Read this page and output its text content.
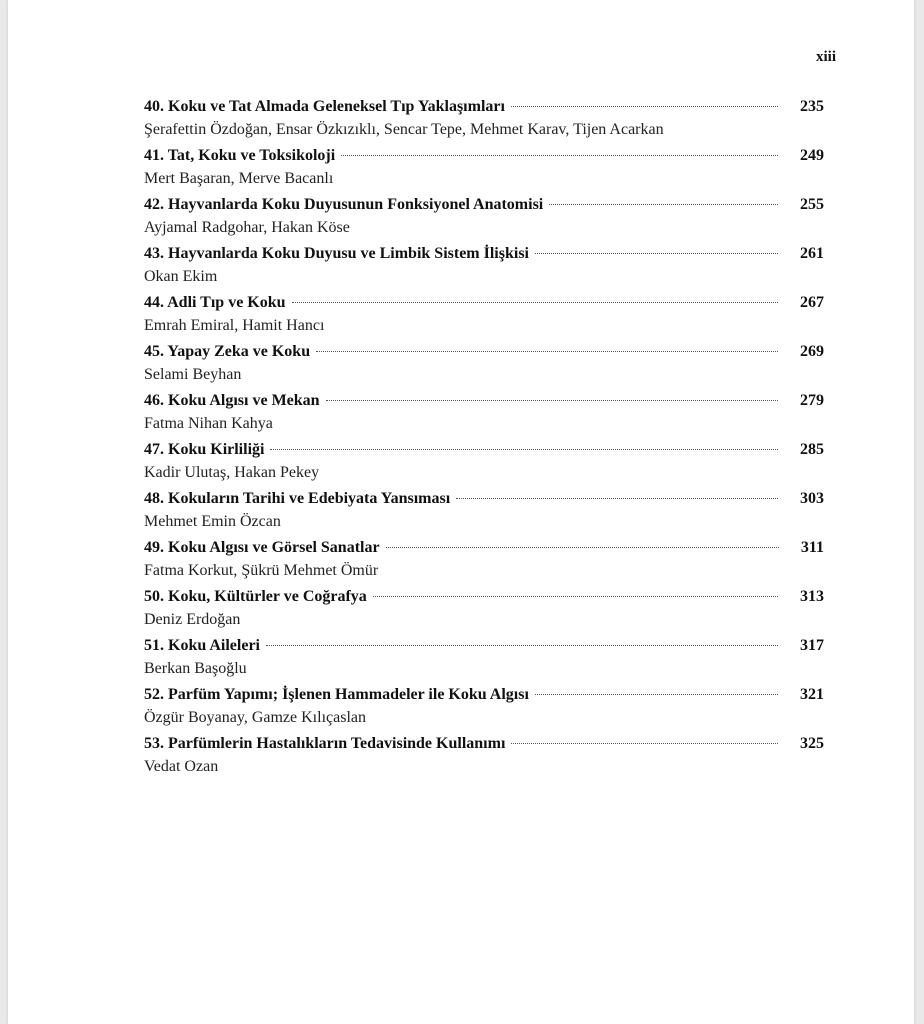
xiii
40. Koku ve Tat Almada Geleneksel Tıp Yaklaşımları	235
Şerafettin Özdoğan, Ensar Özkızıklı, Sencar Tepe, Mehmet Karav, Tijen Acarkan
41. Tat, Koku ve Toksikoloji	249
Mert Başaran, Merve Bacanlı
42. Hayvanlarda Koku Duyusunun Fonksiyonel Anatomisi	255
Ayjamal Radgohar, Hakan Köse
43. Hayvanlarda Koku Duyusu ve Limbik Sistem İlişkisi	261
Okan Ekim
44. Adli Tıp ve Koku	267
Emrah Emiral, Hamit Hancı
45. Yapay Zeka ve Koku	269
Selami Beyhan
46. Koku Algısı ve Mekan	279
Fatma Nihan Kahya
47. Koku Kirliliği	285
Kadir Ulutaş, Hakan Pekey
48. Kokuların Tarihi ve Edebiyata Yansıması	303
Mehmet Emin Özcan
49. Koku Algısı ve Görsel Sanatlar	311
Fatma Korkut, Şükrü Mehmet Ömür
50. Koku, Kültürler ve Coğrafya	313
Deniz Erdoğan
51. Koku Aileleri	317
Berkan Başoğlu
52. Parfüm Yapımı; İşlenen Hammadeler ile Koku Algısı	321
Özgür Boyanay, Gamze Kılıçaslan
53. Parfümlerin Hastalıkların Tedavisinde Kullanımı	325
Vedat Ozan
